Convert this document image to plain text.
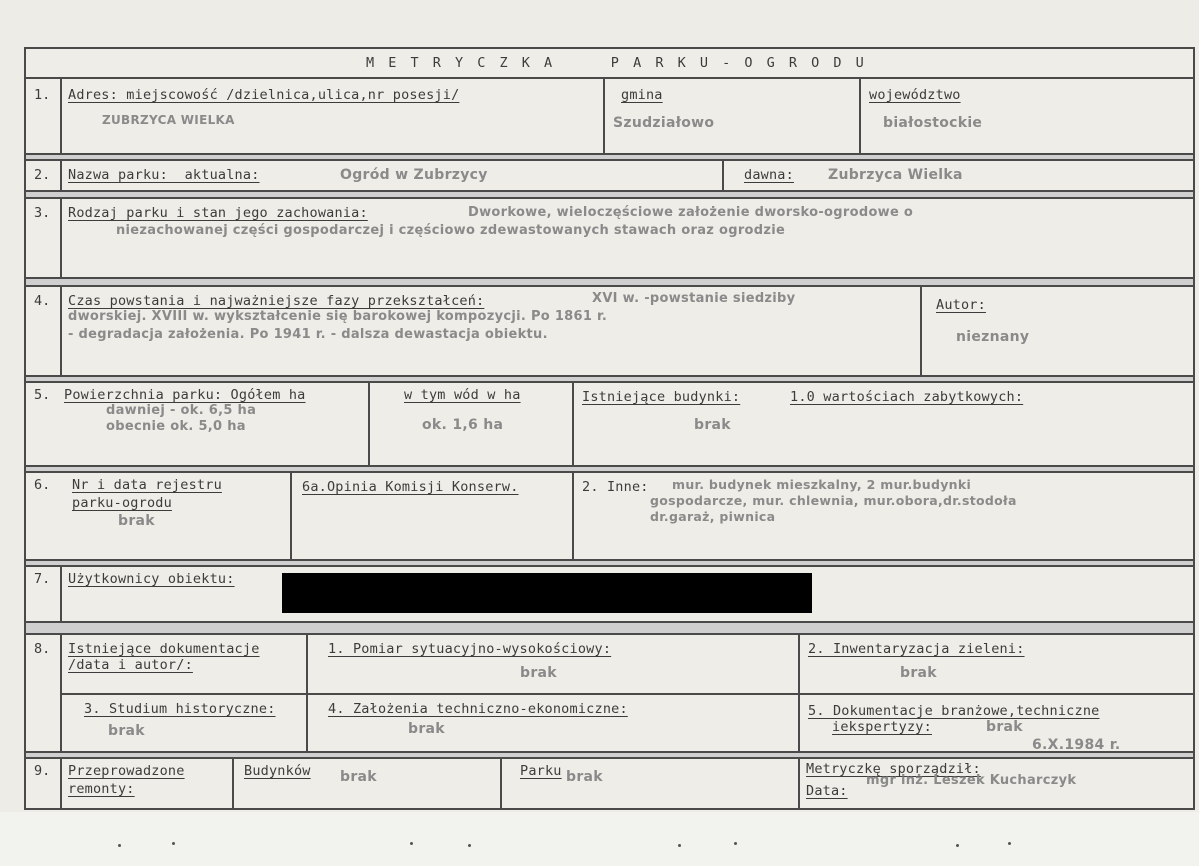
M E T R Y C Z K A     P A R K U - O G R O D U
1. Adres: miejscowość /dzielnica,ulica,nr posesji/
ZUBRZYCA WIELKA
gmina
Szudziałowo
województwo
białostockie
2. Nazwa parku:  aktualna:	Ogród w Zubrzycy	dawna: Zubrzyca Wielka
3. Rodzaj parku i stan jego zachowania:	Dworkowe, wieloczęściowe założenie dworsko-ogrodowe o
niezachowanej części gospodarczej i częściowo zdewastowanych stawach oraz ogrodzie
4. Czas powstania i najważniejsze fazy przekształceń:	XVI w. -powstanie siedziby
dworskiej. XVIII w. wykształcenie się barokowej kompozycji. Po 1861 r.
- degradacja założenia. Po 1941 r. - dalsza dewastacja obiektu.
Autor:
nieznany
5. Powierzchnia parku: Ogółem ha
dawniej - ok. 6,5 ha
obecnie ok. 5,0 ha
w tym wód w ha
ok. 1,6 ha
Istniejące budynki:	1.0 wartościach zabytkowych:
brak
6. Nr i data rejestru
parku-ogrodu
brak
6a.Opinia Komisji Konserw.	2. Inne: mur. budynek mieszkalny, 2 mur.budynki
gospodarcze, mur. chlewnia, mur.obora,dr.stodoła
dr.garaż, piwnica
7. Użytkownicy obiektu:
8. Istniejące dokumentacje
/data i autor/:
1. Pomiar sytuacyjno-wysokościowy:
brak
2. Inwentaryzacja zieleni:
brak
3. Studium historyczne:
brak
4. Założenia techniczno-ekonomiczne:
brak
5. Dokumentacje branżowe,techniczne
iekspertyzy:	brak
6.X.1984 r.
9. Przeprowadzone
remonty:
Budynków brak	Parku brak	Metryczkę sporządził:
mgr inż. Leszek Kucharczyk
Data:
